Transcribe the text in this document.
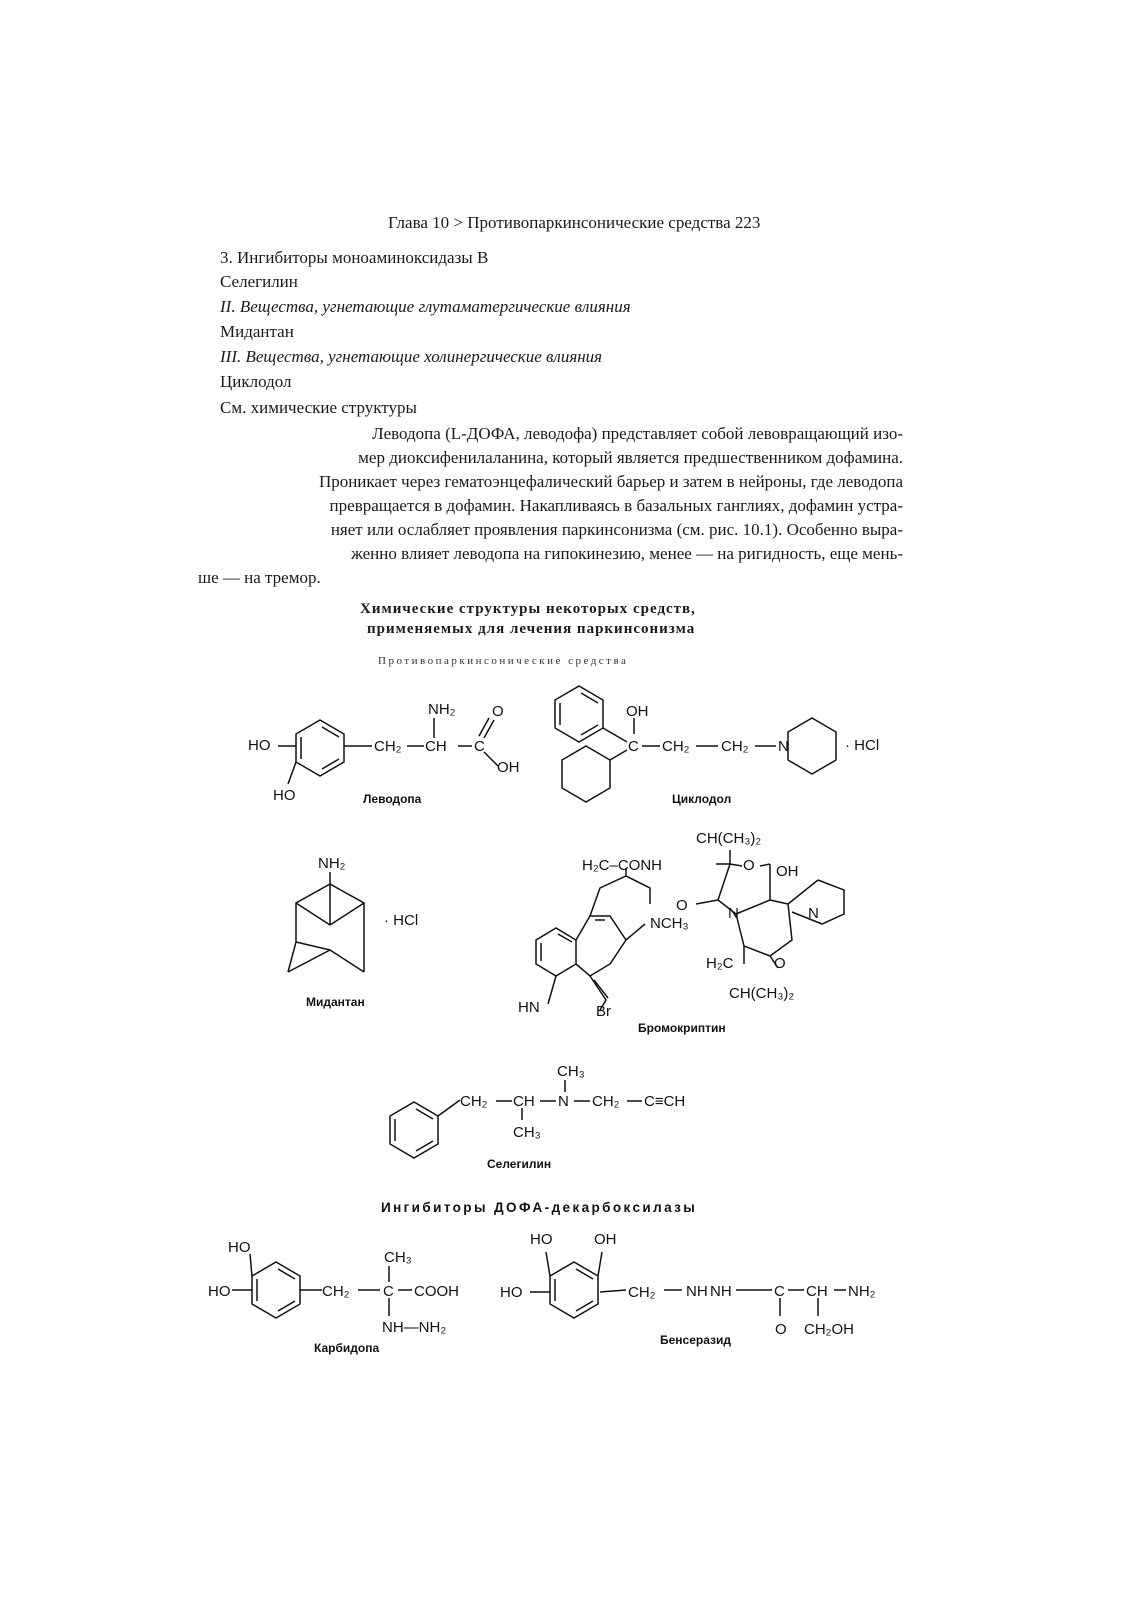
Глава 10 > Противопаркинсонические средства 223
3. Ингибиторы моноаминоксидазы В
Селегилин
II. Вещества, угнетающие глутаматергические влияния
Мидантан
III. Вещества, угнетающие холинергические влияния
Циклодол
См. химические структуры
Леводопа (L-ДОФА, леводофа) представляет собой левовращающий изо-
мер диоксифенилаланина, который является предшественником дофамина.
Проникает через гематоэнцефалический барьер и затем в нейроны, где леводопа
превращается в дофамин. Накапливаясь в базальных ганглиях, дофамин устра-
няет или ослабляет проявления паркинсонизма (см. рис. 10.1). Особенно выра-
женно влияет леводопа на гипокинезию, менее — на ригидность, еще мень-
ше — на тремор.
Химические структуры некоторых средств,
применяемых для лечения паркинсонизма
Противопаркинсонические средства
Ингибиторы ДОФА-декарбоксилазы
HO
HO
CH₂ CH C
NH₂ O
OH
Леводопа
OH
C CH₂ CH₂ N	· HCl
Циклодол
NH₂
· HCl
Мидантан
H₂C–CONH
CH(CH₃)₂
O OH
O	N	N
NCH₃
H₂C	O
CH(CH₃)₂
HN	Br
Бромокриптин
CH₂ CH
CH₃
N
CH₃
CH₂ C≡CH
Селегилин
HO
HO	CH₂
CH₃
C COOH
NH—NH₂
Карбидопа
HO	OH
HO	CH₂ NH NH	C CH NH₂
O CH₂OH
Бенсеразид
